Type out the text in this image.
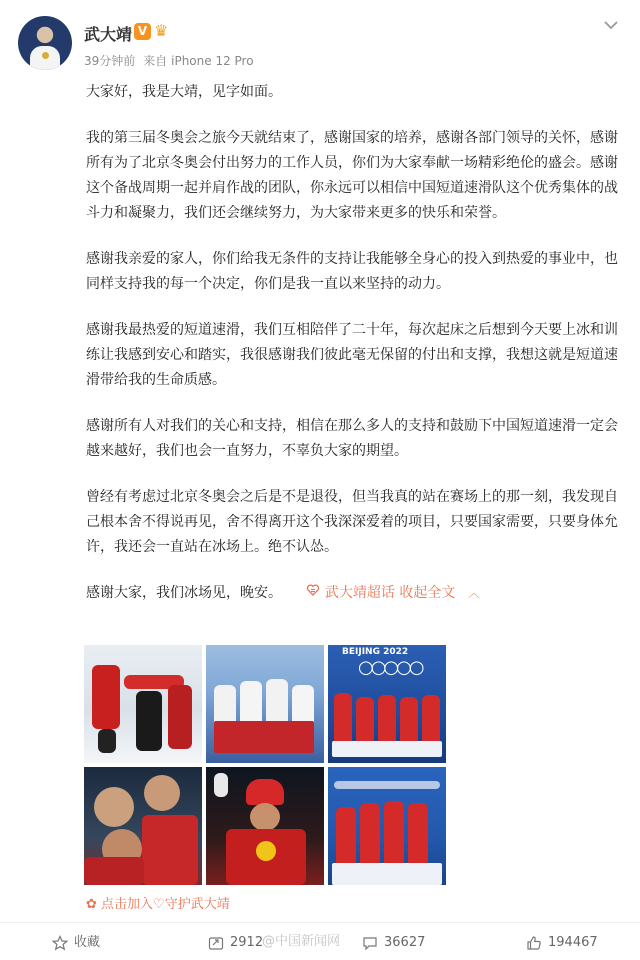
武大靖 V ♛
39分钟前 来自 iPhone 12 Pro

大家好，我是大靖，见字如面。

我的第三届冬奥会之旅今天就结束了，感谢国家的培养，感谢各部门领导的关怀，感谢所有为了北京冬奥会付出努力的工作人员，你们为大家奉献一场精彩绝伦的盛会。感谢这个备战周期一起并肩作战的团队，你永远可以相信中国短道速滑队这个优秀集体的战斗力和凝聚力，我们还会继续努力，为大家带来更多的快乐和荣誉。

感谢我亲爱的家人，你们给我无条件的支持让我能够全身心的投入到热爱的事业中，也同样支持我的每一个决定，你们是我一直以来坚持的动力。

感谢我最热爱的短道速滑，我们互相陪伴了二十年，每次起床之后想到今天要上冰和训练让我感到安心和踏实，我很感谢我们彼此毫无保留的付出和支撑，我想这就是短道速滑带给我的生命质感。

感谢所有人对我们的关心和支持，相信在那么多人的支持和鼓励下中国短道速滑一定会越来越好，我们也会一直努力，不辜负大家的期望。

曾经有考虑过北京冬奥会之后是不是退役，但当我真的站在赛场上的那一刻，我发现自己根本舍不得说再见，舍不得离开这个我深深爱着的项目，只要国家需要，只要身体允许，我还会一直站在冰场上。绝不认怂。

感谢大家，我们冰场见，晚安。	武大靖超话 收起全文 ︿

BEIJING 2022
○○○○○
✿ 点击加入♡守护武大靖
收藏	2912	36627	194467
@中国新闻网
